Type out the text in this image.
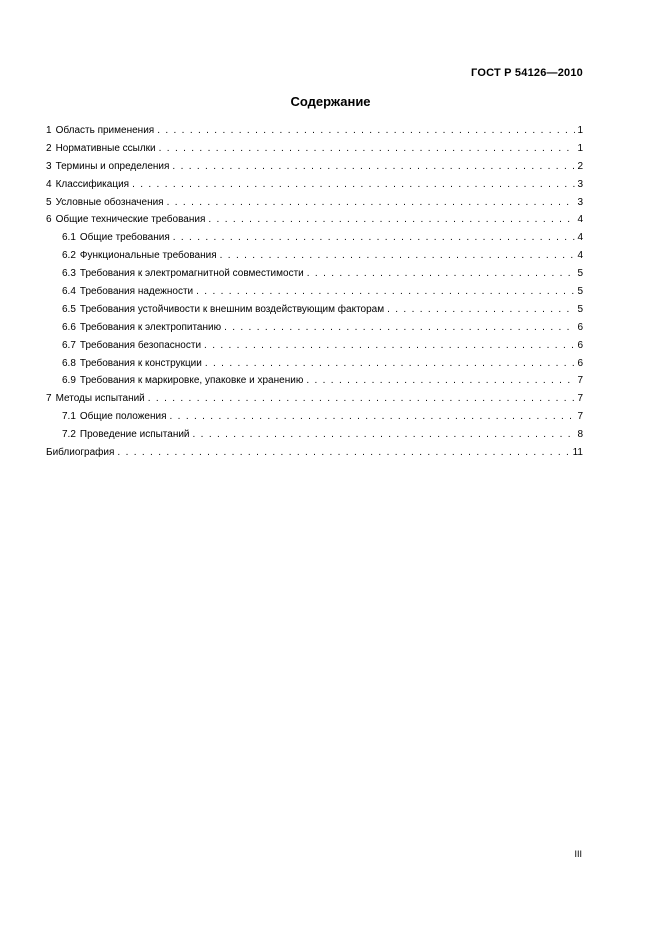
ГОСТ Р 54126—2010
Содержание
1 Область применения . . .	1
2 Нормативные ссылки . . .	1
3 Термины и определения . . .	2
4 Классификация . . .	3
5 Условные обозначения . . .	3
6 Общие технические требования . . .	4
6.1 Общие требования . . .	4
6.2 Функциональные требования . . .	4
6.3 Требования к электромагнитной совместимости . . .	5
6.4 Требования надежности . . .	5
6.5 Требования устойчивости к внешним воздействующим факторам . . .	5
6.6 Требования к электропитанию . . .	6
6.7 Требования безопасности . . .	6
6.8 Требования к конструкции . . .	6
6.9 Требования к маркировке, упаковке и хранению . . .	7
7 Методы испытаний . . .	7
7.1 Общие положения . . .	7
7.2 Проведение испытаний . . .	8
Библиография . . .	11
III
